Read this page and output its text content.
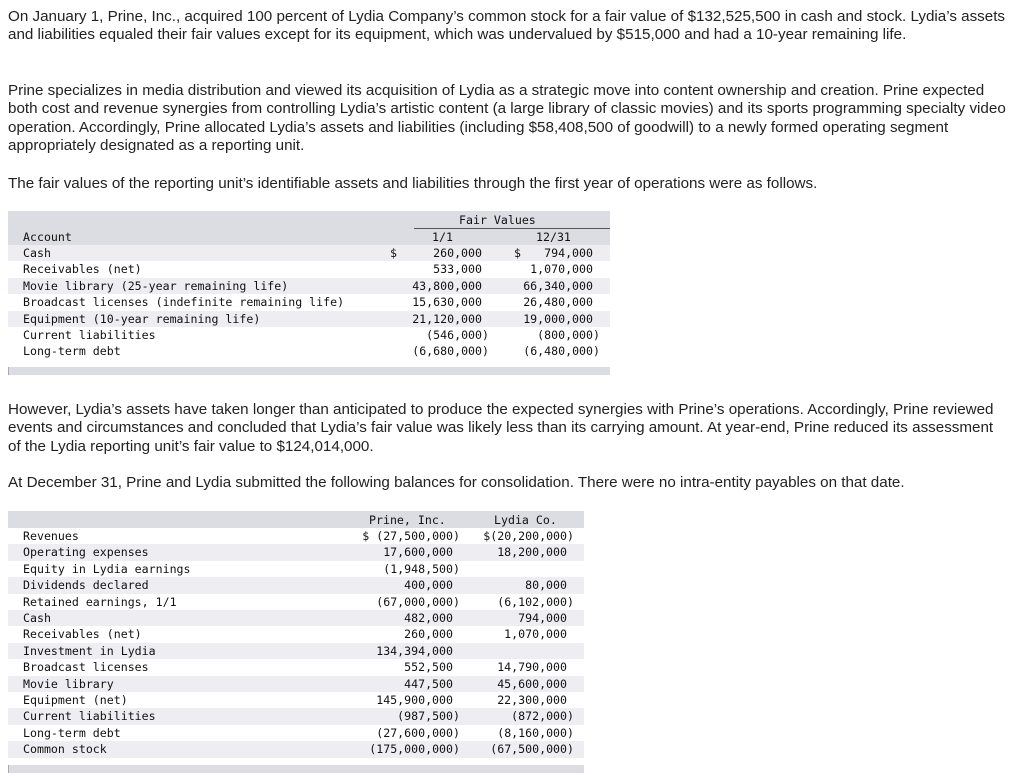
On January 1, Prine, Inc., acquired 100 percent of Lydia Company’s common stock for a fair value of $132,525,500 in cash and stock. Lydia’s assets and liabilities equaled their fair values except for its equipment, which was undervalued by $515,000 and had a 10-year remaining life.

Prine specializes in media distribution and viewed its acquisition of Lydia as a strategic move into content ownership and creation. Prine expected both cost and revenue synergies from controlling Lydia’s artistic content (a large library of classic movies) and its sports programming specialty video operation. Accordingly, Prine allocated Lydia’s assets and liabilities (including $58,408,500 of goodwill) to a newly formed operating segment appropriately designated as a reporting unit.

The fair values of the reporting unit’s identifiable assets and liabilities through the first year of operations were as follows.

Fair Values
Account	1/1	12/31
Cash	$	260,000	$ 794,000
Receivables (net)	533,000	1,070,000
Movie library (25-year remaining life)	43,800,000	66,340,000
Broadcast licenses (indefinite remaining life)	15,630,000	26,480,000
Equipment (10-year remaining life)	21,120,000	19,000,000
Current liabilities	(546,000)	(800,000)
Long-term debt	(6,680,000)	(6,480,000)

However, Lydia’s assets have taken longer than anticipated to produce the expected synergies with Prine’s operations. Accordingly, Prine reviewed events and circumstances and concluded that Lydia’s fair value was likely less than its carrying amount. At year-end, Prine reduced its assessment of the Lydia reporting unit’s fair value to $124,014,000.

At December 31, Prine and Lydia submitted the following balances for consolidation. There were no intra-entity payables on that date.

Prine, Inc.	Lydia Co.
Revenues	$ (27,500,000) $(20,200,000)
Operating expenses	17,600,000	18,200,000
Equity in Lydia earnings	(1,948,500)
Dividends declared	400,000	80,000
Retained earnings, 1/1	(67,000,000)	(6,102,000)
Cash	482,000	794,000
Receivables (net)	260,000	1,070,000
Investment in Lydia	134,394,000
Broadcast licenses	552,500	14,790,000
Movie library	447,500	45,600,000
Equipment (net)	145,900,000	22,300,000
Current liabilities	(987,500)	(872,000)
Long-term debt	(27,600,000)	(8,160,000)
Common stock	(175,000,000)	(67,500,000)
